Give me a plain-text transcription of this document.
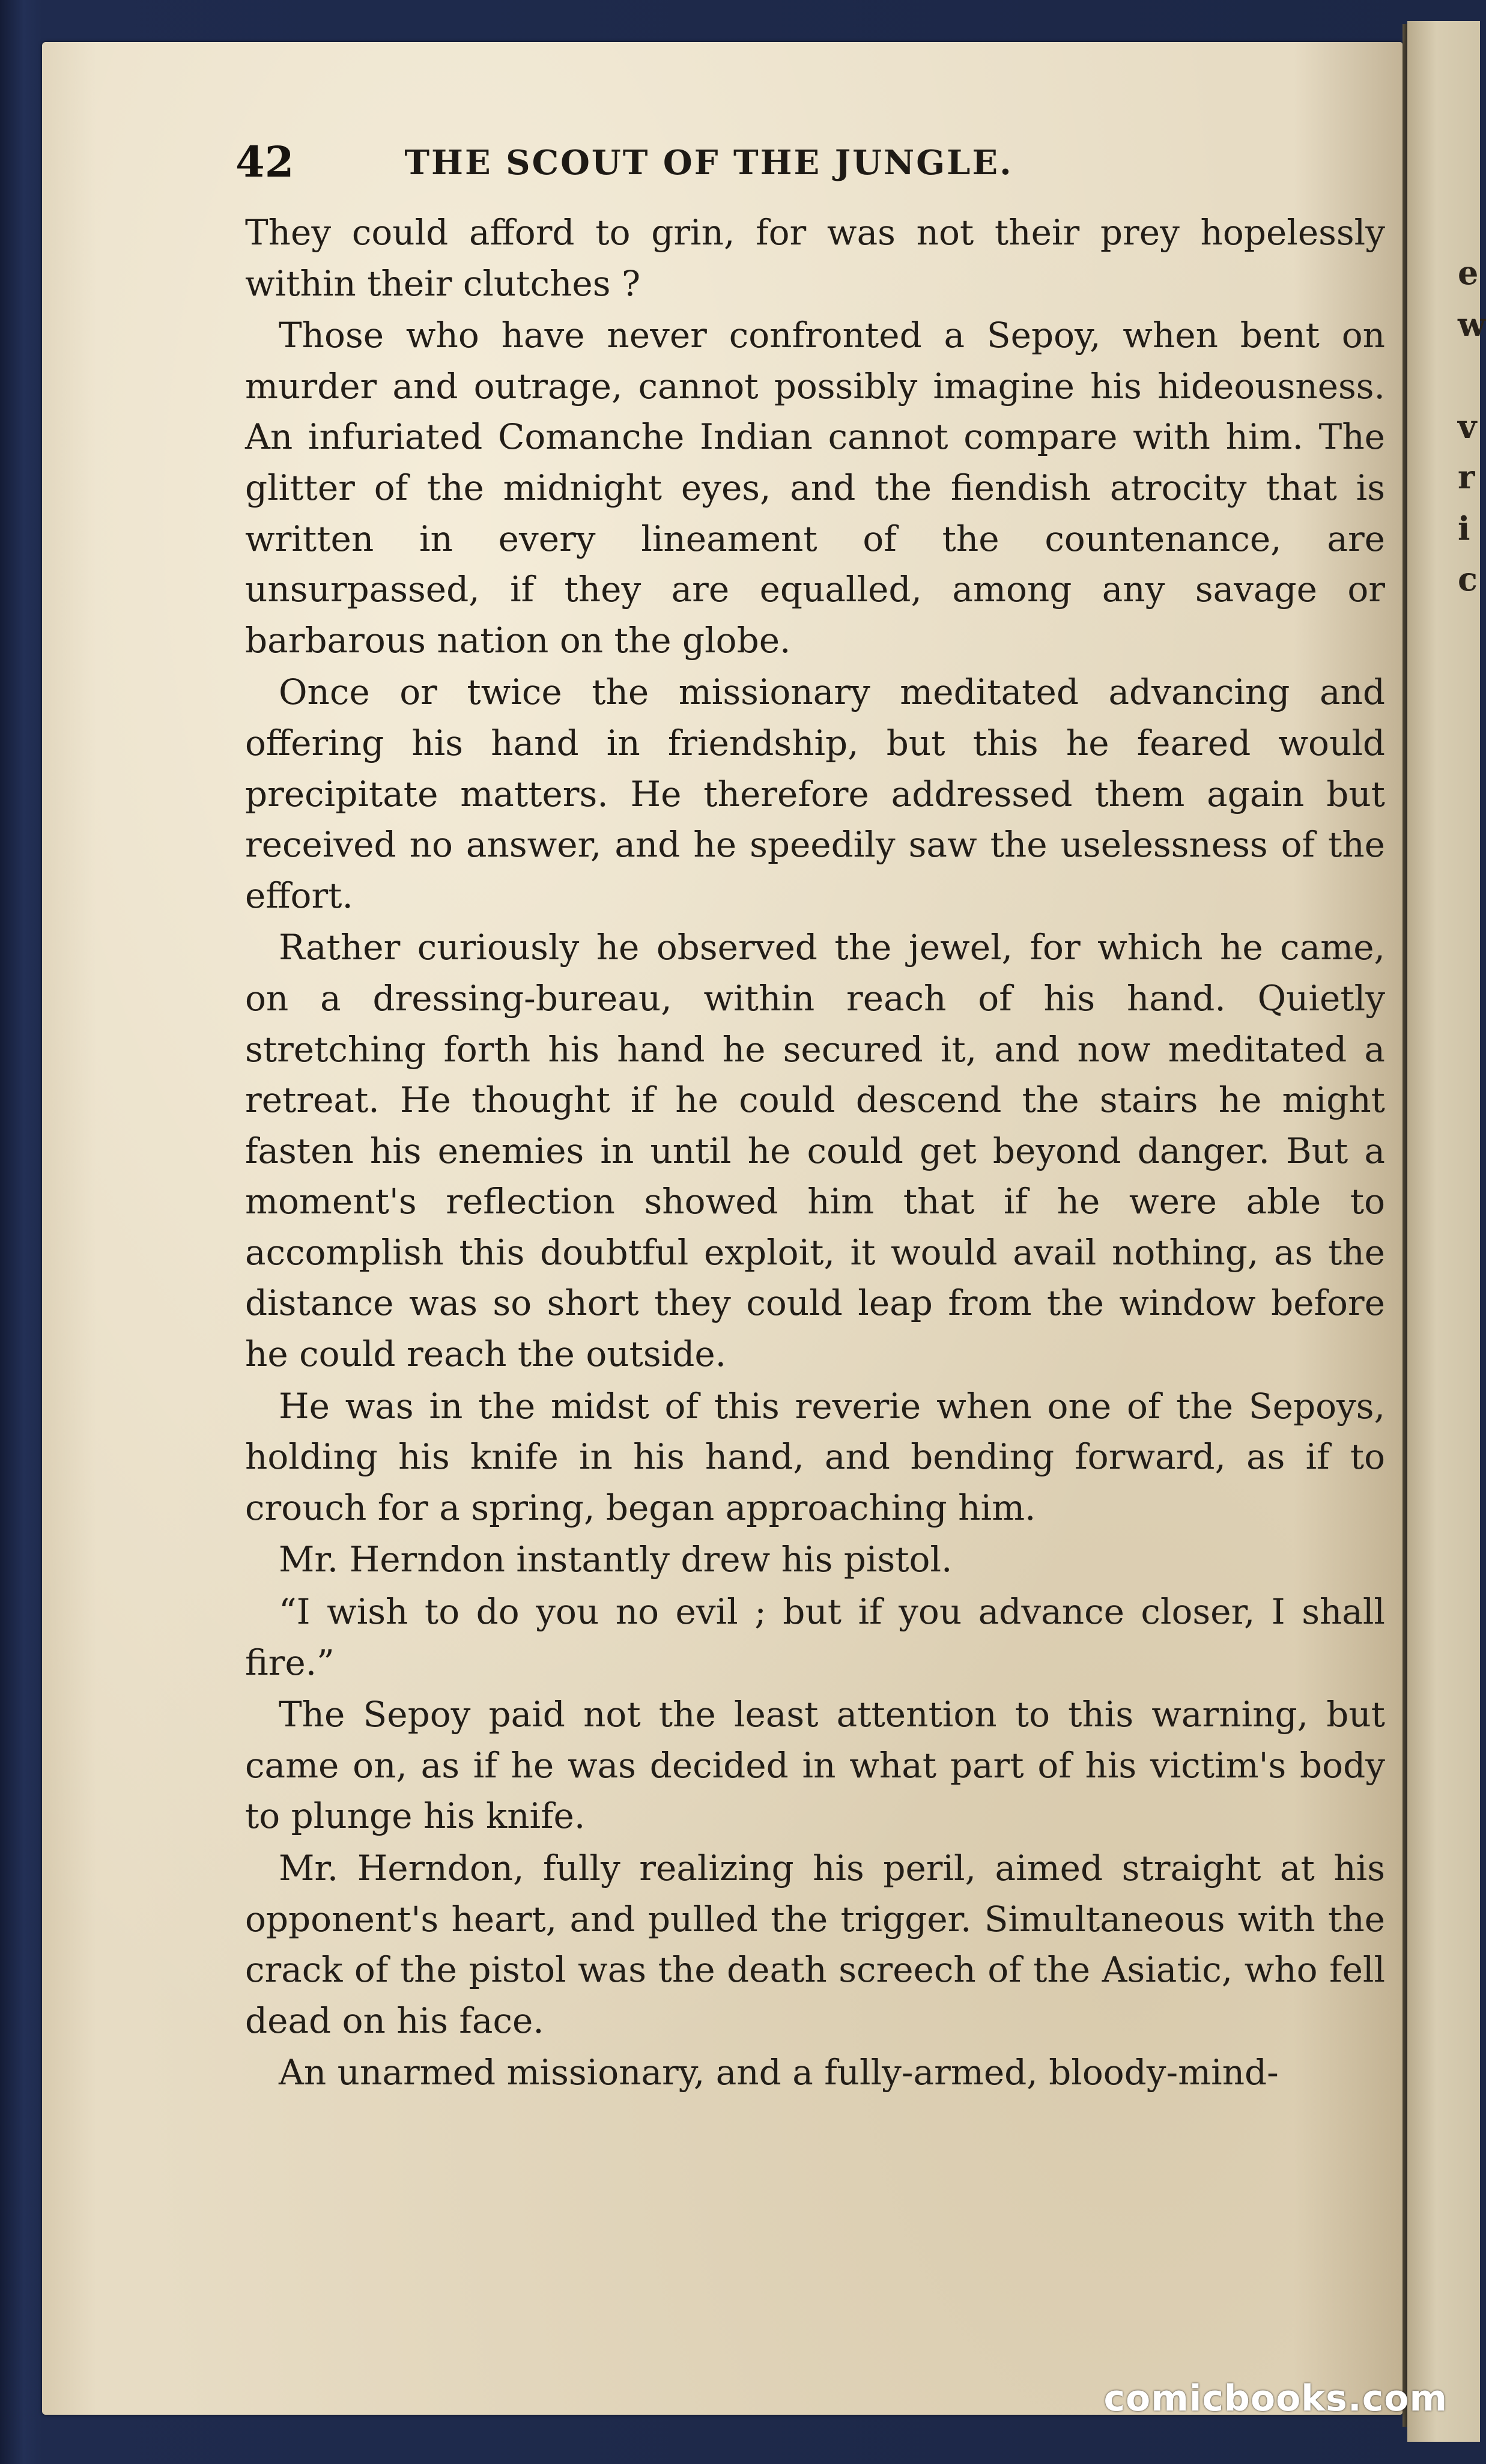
e
w
v
r
i
c
42	THE SCOUT OF THE JUNGLE.

They could afford to grin, for was not their prey hopelessly within their clutches ?

Those who have never confronted a Sepoy, when bent on murder and outrage, cannot possibly imagine his hideousness. An infuriated Comanche Indian cannot compare with him. The glitter of the midnight eyes, and the fiendish atrocity that is written in every lineament of the countenance, are unsurpassed, if they are equalled, among any savage or barbarous nation on the globe.

Once or twice the missionary meditated advancing and offering his hand in friendship, but this he feared would precipitate matters. He therefore addressed them again but received no answer, and he speedily saw the uselessness of the effort.

Rather curiously he observed the jewel, for which he came, on a dressing-bureau, within reach of his hand. Quietly stretching forth his hand he secured it, and now meditated a retreat. He thought if he could descend the stairs he might fasten his enemies in until he could get beyond danger. But a moment's reflection showed him that if he were able to accomplish this doubtful exploit, it would avail nothing, as the distance was so short they could leap from the window before he could reach the outside.

He was in the midst of this reverie when one of the Sepoys, holding his knife in his hand, and bending forward, as if to crouch for a spring, began approaching him.

Mr. Herndon instantly drew his pistol.

“I wish to do you no evil ; but if you advance closer, I shall fire.”

The Sepoy paid not the least attention to this warning, but came on, as if he was decided in what part of his victim's body to plunge his knife.

Mr. Herndon, fully realizing his peril, aimed straight at his opponent's heart, and pulled the trigger. Simultaneous with the crack of the pistol was the death screech of the Asiatic, who fell dead on his face.

An unarmed missionary, and a fully-armed, bloody-mind-

comicbooks.com
